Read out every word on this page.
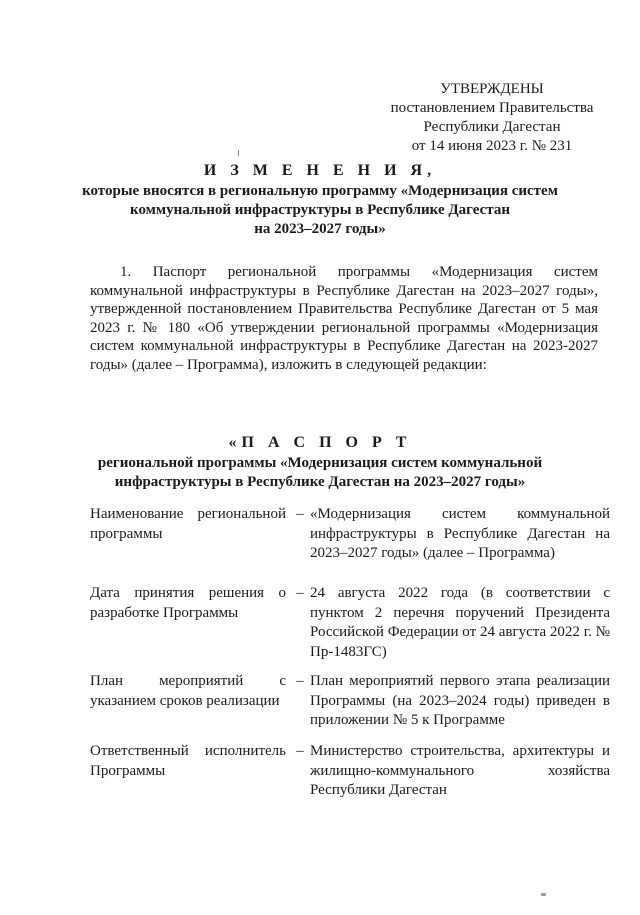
УТВЕРЖДЕНЫ
постановлением Правительства
Республики Дагестан
от 14 июня 2023 г. № 231
И З М Е Н Е Н И Я,
которые вносятся в региональную программу «Модернизация систем
коммунальной инфраструктуры в Республике Дагестан
на 2023–2027 годы»

1. Паспорт региональной программы «Модернизация систем коммунальной инфраструктуры в Республике Дагестан на 2023–2027 годы», утвержденной постановлением Правительства Республике Дагестан от 5 мая 2023 г. № 180 «Об утверждении региональной программы «Модернизация систем коммунальной инфраструктуры в Республике Дагестан на 2023-2027 годы» (далее – Программа), изложить в следующей редакции:

«П А С П О Р Т
региональной программы «Модернизация систем коммунальной
инфраструктуры в Республике Дагестан на 2023–2027 годы»
Наименование региональной программы
– «Модернизация систем коммунальной инфраструктуры в Республике Дагестан на 2023–2027 годы» (далее – Программа)
Дата принятия решения о разработке Программы
– 24 августа 2022 года (в соответствии с пунктом 2 перечня поручений Президента Российской Федерации от 24 августа 2022 г. № Пр-1483ГС)
План мероприятий с указанием сроков реализации
– План мероприятий первого этапа реализации Программы (на 2023–2024 годы) приведен в приложении № 5 к Программе
Ответственный исполнитель Программы
– Министерство строительства, архитектуры и жилищно-коммунального хозяйства Республики Дагестан
